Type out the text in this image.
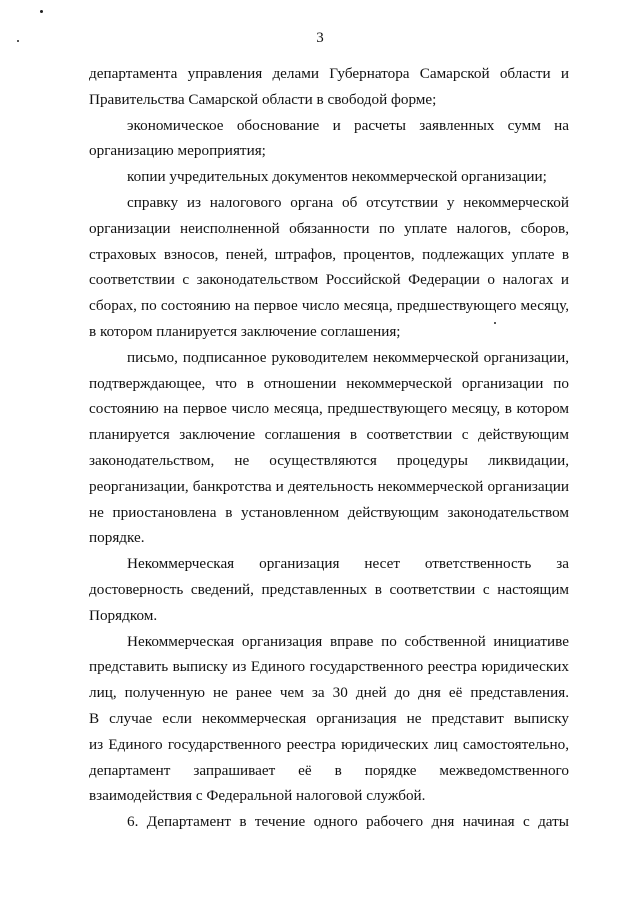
3
департамента управления делами Губернатора Самарской области и
Правительства Самарской области в свободой форме;
экономическое обоснование и расчеты заявленных сумм на
организацию мероприятия;
копии учредительных документов некоммерческой организации;
справку из налогового органа об отсутствии у некоммерческой
организации неисполненной обязанности по уплате налогов, сборов,
страховых взносов, пеней, штрафов, процентов, подлежащих уплате в
соответствии с законодательством Российской Федерации о налогах и
сборах, по состоянию на первое число месяца, предшествующего месяцу,
в котором планируется заключение соглашения;
письмо, подписанное руководителем некоммерческой организации,
подтверждающее, что в отношении некоммерческой организации по
состоянию на первое число месяца, предшествующего месяцу, в котором
планируется заключение соглашения в соответствии с действующим
законодательством, не осуществляются процедуры ликвидации,
реорганизации, банкротства и деятельность некоммерческой организации
не приостановлена в установленном действующим законодательством
порядке.
Некоммерческая организация несет ответственность за
достоверность сведений, представленных в соответствии с настоящим
Порядком.
Некоммерческая организация вправе по собственной инициативе
представить выписку из Единого государственного реестра юридических
лиц, полученную не ранее чем за 30 дней до дня её представления.
В случае если некоммерческая организация не представит выписку
из Единого государственного реестра юридических лиц самостоятельно,
департамент запрашивает её в порядке межведомственного
взаимодействия с Федеральной налоговой службой.
6. Департамент в течение одного рабочего дня начиная с даты
